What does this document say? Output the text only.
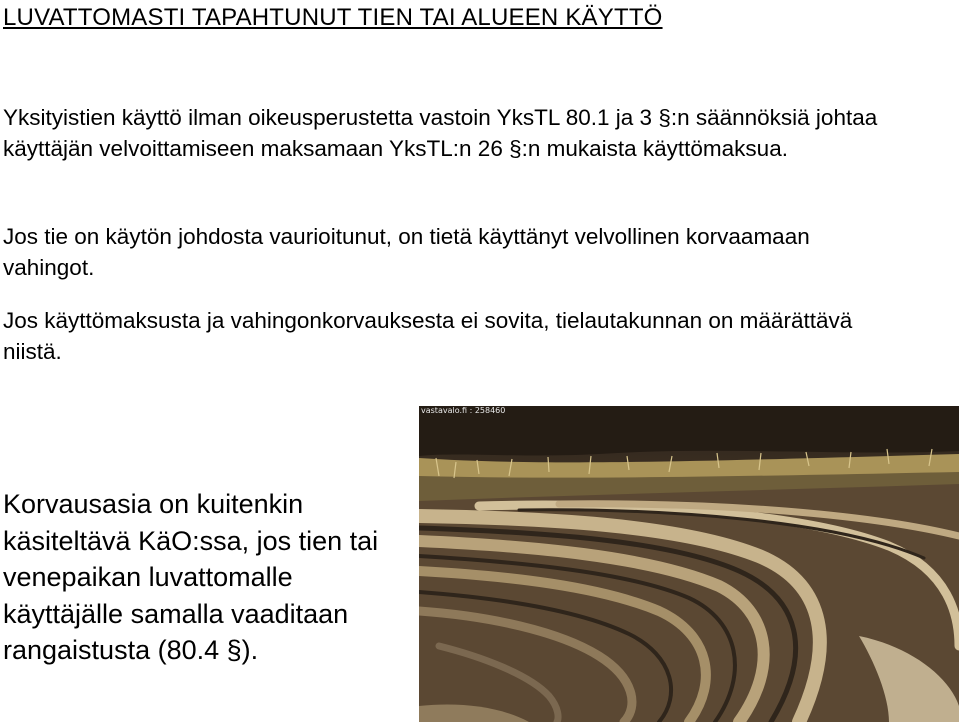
LUVATTOMASTI TAPAHTUNUT TIEN TAI ALUEEN KÄYTTÖ

Yksityistien käyttö ilman oikeusperustetta vastoin YksTL 80.1 ja 3 §:n säännöksiä johtaa käyttäjän velvoittamiseen maksamaan YksTL:n 26 §:n mukaista käyttömaksua.

Jos tie on käytön johdosta vaurioitunut, on tietä käyttänyt velvollinen korvaamaan vahingot.

Jos käyttömaksusta ja vahingonkorvauksesta ei sovita, tielautakunnan on määrättävä niistä.

Korvausasia on kuitenkin käsiteltävä KäO:ssa, jos tien tai venepaikan luvattomalle käyttäjälle samalla vaaditaan rangaistusta (80.4 §).

vastavalo.fi : 258460
